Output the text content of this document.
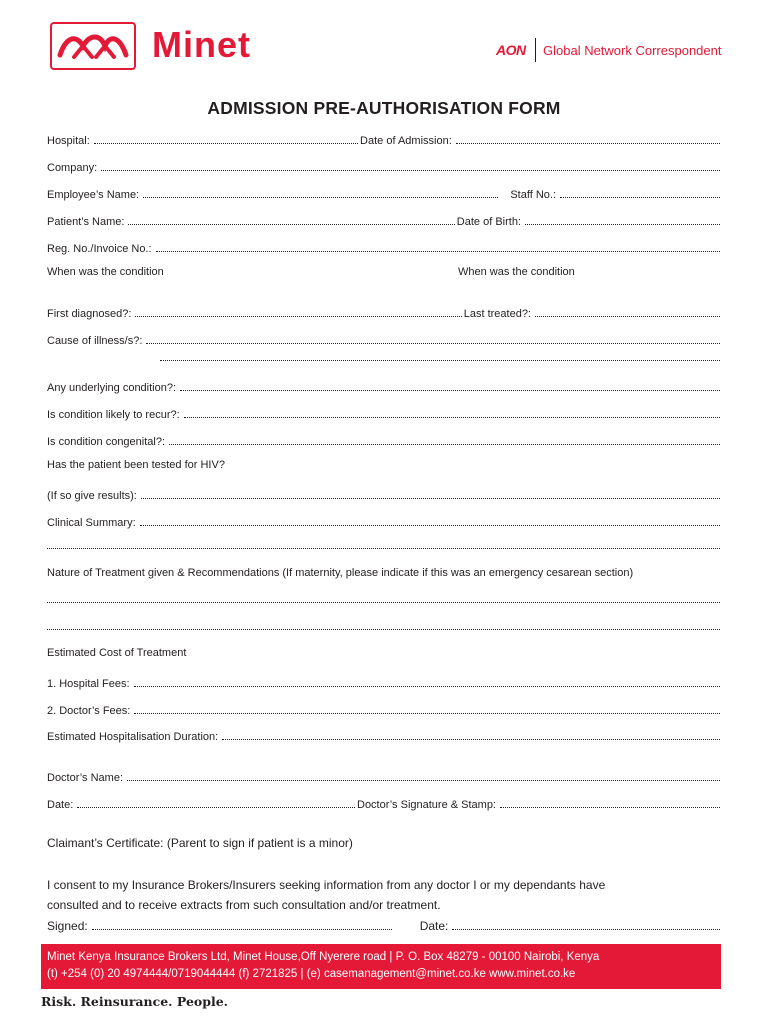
Minet	AON Global Network Correspondent
ADMISSION PRE-AUTHORISATION FORM
Hospital:	Date of Admission:
Company:
Employee’s Name:	Staff No.:
Patient’s Name:	Date of Birth:
Reg. No./Invoice No.:
When was the condition	When was the condition
First diagnosed?:	Last treated?:
Cause of illness/s?:
Any underlying condition?:
Is condition likely to recur?:
Is condition congenital?:
Has the patient been tested for HIV?
(If so give results):
Clinical Summary:
Nature of Treatment given & Recommendations (If maternity, please indicate if this was an emergency cesarean section)
Estimated Cost of Treatment
1. Hospital Fees:
2. Doctor’s Fees:
Estimated Hospitalisation Duration:
Doctor’s Name:
Date:	Doctor’s Signature & Stamp:
Claimant’s Certificate: (Parent to sign if patient is a minor)
I consent to my Insurance Brokers/Insurers seeking information from any doctor I or my dependants have
consulted and to receive extracts from such consultation and/or treatment.
Signed:	Date:
Minet Kenya Insurance Brokers Ltd, Minet House,Off Nyerere road | P. O. Box 48279 - 00100 Nairobi, Kenya
(t) +254 (0) 20 4974444/0719044444 (f) 2721825 | (e) casemanagement@minet.co.ke www.minet.co.ke
Risk. Reinsurance. People.
